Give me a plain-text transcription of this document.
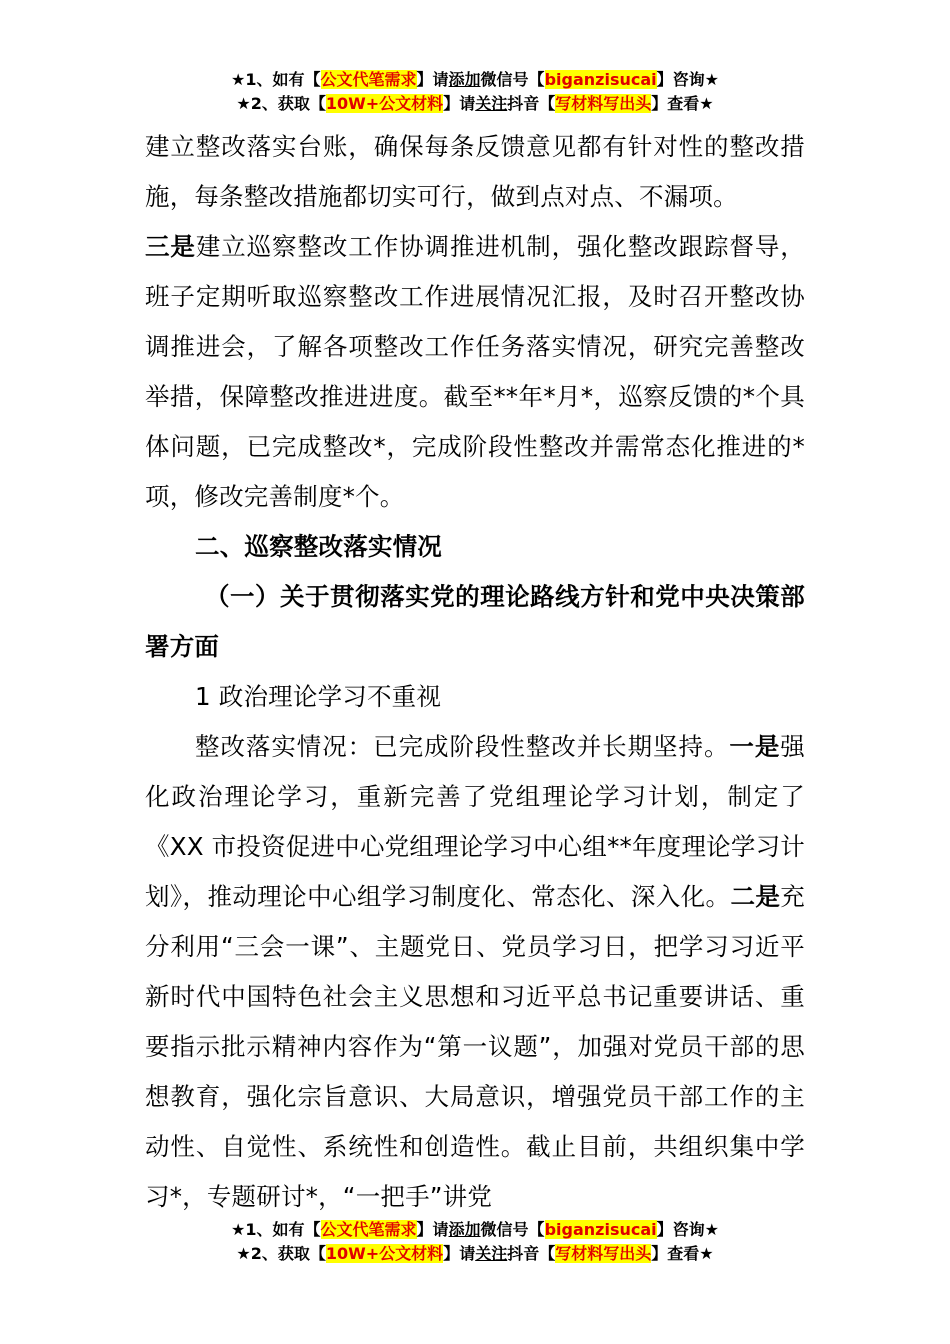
★1、如有【公文代笔需求】请添加微信号【biganzisucai】咨询★
★2、获取【10W+公文材料】请关注抖音【写材料写出头】查看★

建立整改落实台账，确保每条反馈意见都有针对性的整改措施，每条整改措施都切实可行，做到点对点、不漏项。

三是建立巡察整改工作协调推进机制，强化整改跟踪督导，班子定期听取巡察整改工作进展情况汇报，及时召开整改协调推进会，了解各项整改工作任务落实情况，研究完善整改举措，保障整改推进进度。截至**年*月*，巡察反馈的*个具体问题，已完成整改*，完成阶段性整改并需常态化推进的*项，修改完善制度*个。

二、巡察整改落实情况

（一）关于贯彻落实党的理论路线方针和党中央决策部署方面

1 政治理论学习不重视

整改落实情况：已完成阶段性整改并长期坚持。一是强化政治理论学习，重新完善了党组理论学习计划，制定了《XX 市投资促进中心党组理论学习中心组**年度理论学习计划》，推动理论中心组学习制度化、常态化、深入化。二是充分利用“三会一课”、主题党日、党员学习日，把学习习近平新时代中国特色社会主义思想和习近平总书记重要讲话、重要指示批示精神内容作为“第一议题”，加强对党员干部的思想教育，强化宗旨意识、大局意识，增强党员干部工作的主动性、自觉性、系统性和创造性。截止目前，共组织集中学习*，专题研讨*，“一把手”讲党

★1、如有【公文代笔需求】请添加微信号【biganzisucai】咨询★
★2、获取【10W+公文材料】请关注抖音【写材料写出头】查看★
